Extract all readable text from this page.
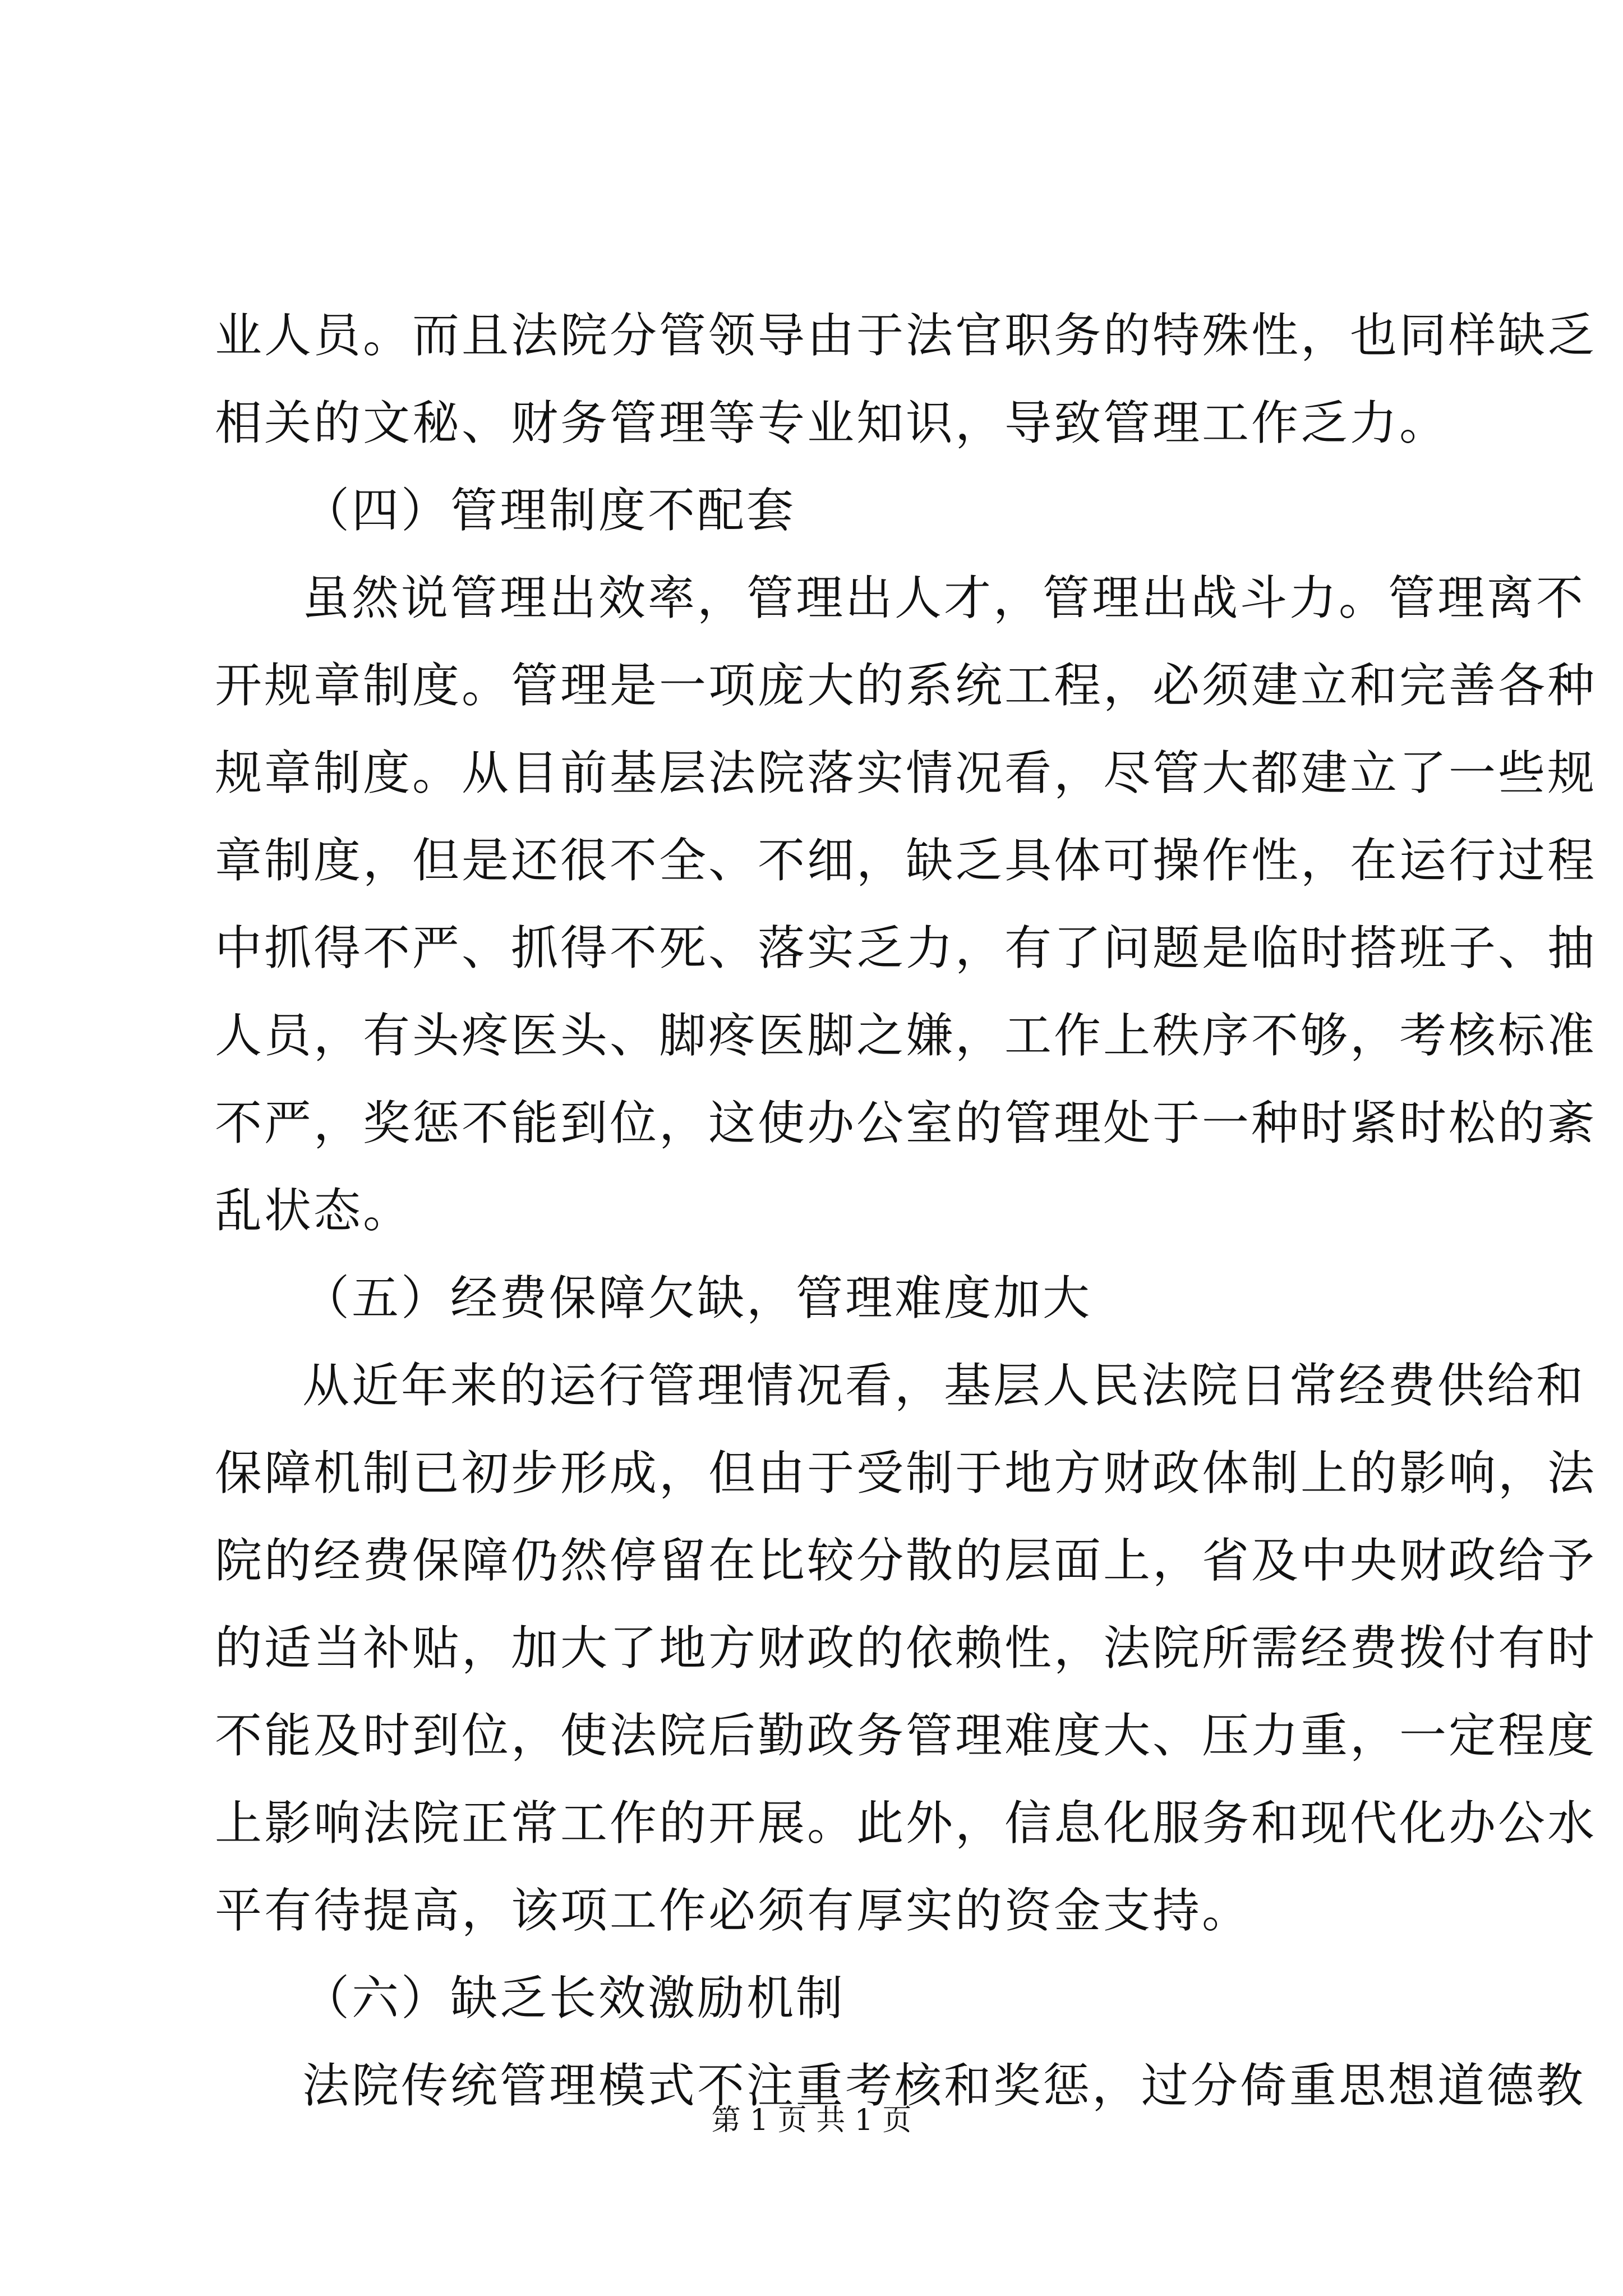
业人员。而且法院分管领导由于法官职务的特殊性，也同样缺乏
相关的文秘、财务管理等专业知识，导致管理工作乏力。
（四）管理制度不配套
虽然说管理出效率，管理出人才，管理出战斗力。管理离不
开规章制度。管理是一项庞大的系统工程，必须建立和完善各种
规章制度。从目前基层法院落实情况看，尽管大都建立了一些规
章制度，但是还很不全、不细，缺乏具体可操作性，在运行过程
中抓得不严、抓得不死、落实乏力，有了问题是临时搭班子、抽
人员，有头疼医头、脚疼医脚之嫌，工作上秩序不够，考核标准
不严，奖惩不能到位，这使办公室的管理处于一种时紧时松的紊
乱状态。
（五）经费保障欠缺，管理难度加大
从近年来的运行管理情况看，基层人民法院日常经费供给和
保障机制已初步形成，但由于受制于地方财政体制上的影响，法
院的经费保障仍然停留在比较分散的层面上，省及中央财政给予
的适当补贴，加大了地方财政的依赖性，法院所需经费拨付有时
不能及时到位，使法院后勤政务管理难度大、压力重，一定程度
上影响法院正常工作的开展。此外，信息化服务和现代化办公水
平有待提高，该项工作必须有厚实的资金支持。
（六）缺乏长效激励机制
法院传统管理模式不注重考核和奖惩，过分倚重思想道德教
第 1 页 共 1 页
